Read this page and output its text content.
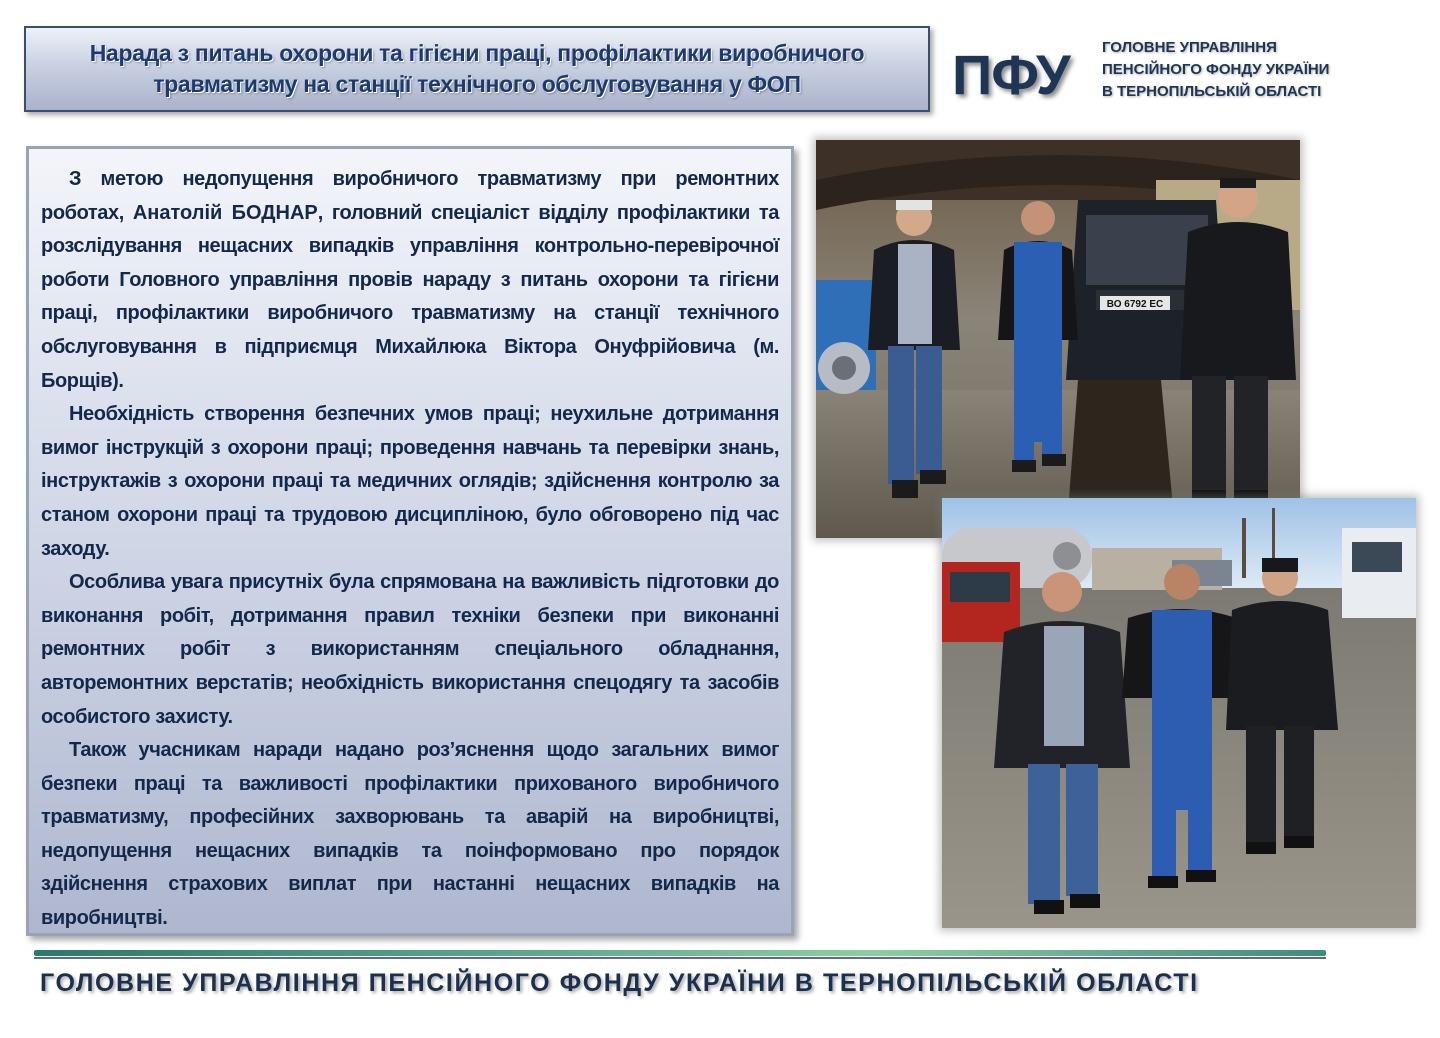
Нарада з питань охорони та гігієни праці, профілактики виробничого
травматизму на станції технічного обслуговування у ФОП	ПФУ ГОЛОВНЕ УПРАВЛІННЯ
ПЕНСІЙНОГО ФОНДУ УКРАЇНИ
В ТЕРНОПІЛЬСЬКІЙ ОБЛАСТІ

З метою недопущення виробничого травматизму при ремонтних роботах, Анатолій БОДНАР, головний спеціаліст відділу профілактики та розслідування нещасних випадків управління контрольно-перевірочної роботи Головного управління провів нараду з питань охорони та гігієни праці, профілактики виробничого травматизму на станції технічного обслуговування в підприємця Михайлюка Віктора Онуфрійовича (м. Борщів).

Необхідність створення безпечних умов праці; неухильне дотримання вимог інструкцій з охорони праці; проведення навчань та перевірки знань, інструктажів з охорони праці та медичних оглядів; здійснення контролю за станом охорони праці та трудовою дисципліною, було обговорено під час заходу.

Особлива увага присутніх була спрямована на важливість підготовки до виконання робіт, дотримання правил техніки безпеки при виконанні ремонтних робіт з використанням спеціального обладнання, авторемонтних верстатів; необхідність використання спецодягу та засобів особистого захисту.

Також учасникам наради надано роз’яснення щодо загальних вимог безпеки праці та важливості профілактики прихованого виробничого травматизму, професійних захворювань та аварій на виробництві, недопущення нещасних випадків та поінформовано про порядок здійснення страхових виплат при настанні нещасних випадків на виробництві.

ВО 6792 ЕС
ГОЛОВНЕ УПРАВЛІННЯ ПЕНСІЙНОГО ФОНДУ УКРАЇНИ В ТЕРНОПІЛЬСЬКІЙ ОБЛАСТІ
